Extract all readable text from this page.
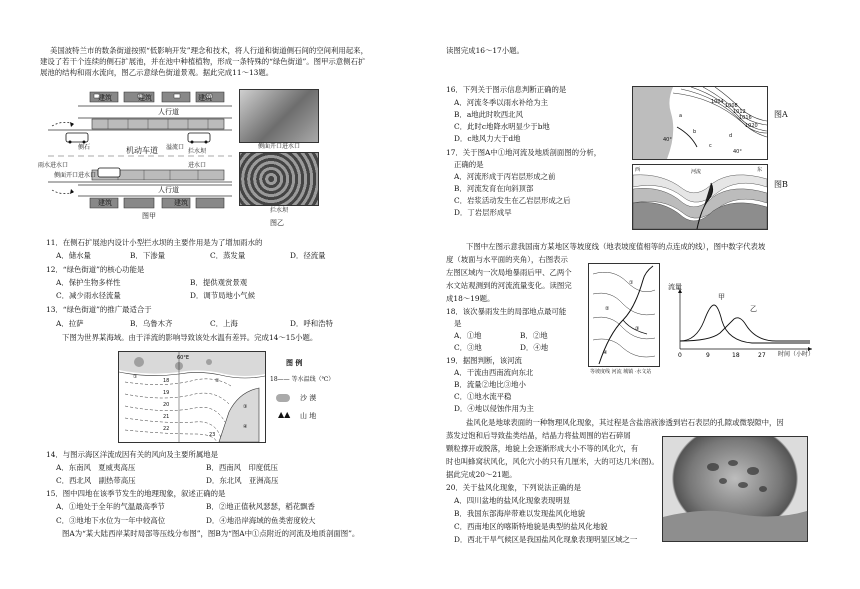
美国波特兰市的数条街道按照“低影响开发”理念和技术，将人行道和街道侧石间的空间利用起来，
建设了若干个连续的侧石扩展池，并在池中种植植物，形成一条特殊的“绿色街道”。图甲示意侧石扩
展池的结构和雨水流向，图乙示意绿色街道景观。据此完成11～13题。
建筑	建筑	建筑
人行道
机动车道
侧石	溢流口
拦水坝
进水口
雨水进水口
侧面开口进水口
人行道
建筑	建筑
图甲
侧面开口进水口
拦水坝
图乙
11．在侧石扩展池内设计小型拦水坝的主要作用是为了增加雨水的
A．储水量	B．下渗量	C．蒸发量	D．径流量
12．“绿色街道”的核心功能是
A．保护生物多样性	B．提供观赏景观
C．减少雨水径流量	D．调节局地小气候
13．“绿色街道”的推广最适合于
A．拉萨	B．乌鲁木齐	C．上海	D．呼和浩特
下图为世界某海域。由于洋流的影响导致该处水温有差异。完成14～15小题。
60°E
18
19
20
21
22
23
①
②
③
④
图 例
18—— 等水温线（℃）
沙 漠
▲▲ 山 地
14．与图示海区洋流成因有关的风向及主要所属地是
A．东南风　夏威夷高压	B．西南风　印度低压
C．西北风　副热带高压	D．东北风　亚洲高压
15．图中四地在该季节发生的地理现象，叙述正确的是
A．①地处于全年的气温最高季节	B．②地正值秋风瑟瑟，稻花飘香
C．③地地下水位为一年中较高位	D．④地沿岸海域的鱼类密度较大
图A为“某大陆西岸某时局部等压线分布图”，图B为“图A中①点附近的河流及地质剖面图”。
读图完成16～17小题。
16．下列关于图示信息判断正确的是
A．河流冬季以雨水补给为主
B．a地此时吹西北风
C．此时c地降水明显少于b地
D．c地风力大于d地
17．关于图A中①地河流及地质剖面图的分析，
正确的是
A．河流形成于丙岩层形成之前
B．河流发育在向斜顶部
C．岩浆活动发生在乙岩层形成之后
D．丁岩层形成早
1004
1008
1012
1016
1020
40°
40°
a
b
c
d
图A
西	东
河流
图B
下图中左图示意我国南方某地区等坡度线（地表坡度值相等的点连成的线），图中数字代表坡
度（坡面与水平面的夹角），右图表示
左图区域内一次局地暴雨后甲、乙两个
水文站观测到的河流流量变化。读图完
成18～19题。
18．该次暴雨发生的局部地点最可能
是
A．①地	B．②地
C．③地	D．④地
19．据图判断，该河流
A．干流由西南流向东北
B．流量②地比③地小
C．①地水流平稳
D．④地以侵蚀作用为主
①
②
③
④
等坡度线 河流 城镇 ·水文站
0	9	18	27
流量
甲
乙
时间（小时）
盐风化是地球表面的一种物理风化现象，其过程是含盐溶液渗透到岩石表层的孔隙或微裂隙中，因
蒸发过饱和后导致盐类结晶，结晶力将盐周围的岩石碎屑
颗粒撑开或脱落，地貌上会逐渐形成大小不等的风化穴，有
时也叫蜂窝状风化，风化穴小的只有几厘米，大的可达几米(图)。
据此完成20～21题。
20．关于盐风化现象，下列说法正确的是
A．四川盆地的盐风化现象表现明显
B．我国东部海岸带难以发现盐风化地貌
C．西南地区的喀斯特地貌是典型的盐风化地貌
D．西北干旱气候区是我国盐风化现象表现明显区域之一
